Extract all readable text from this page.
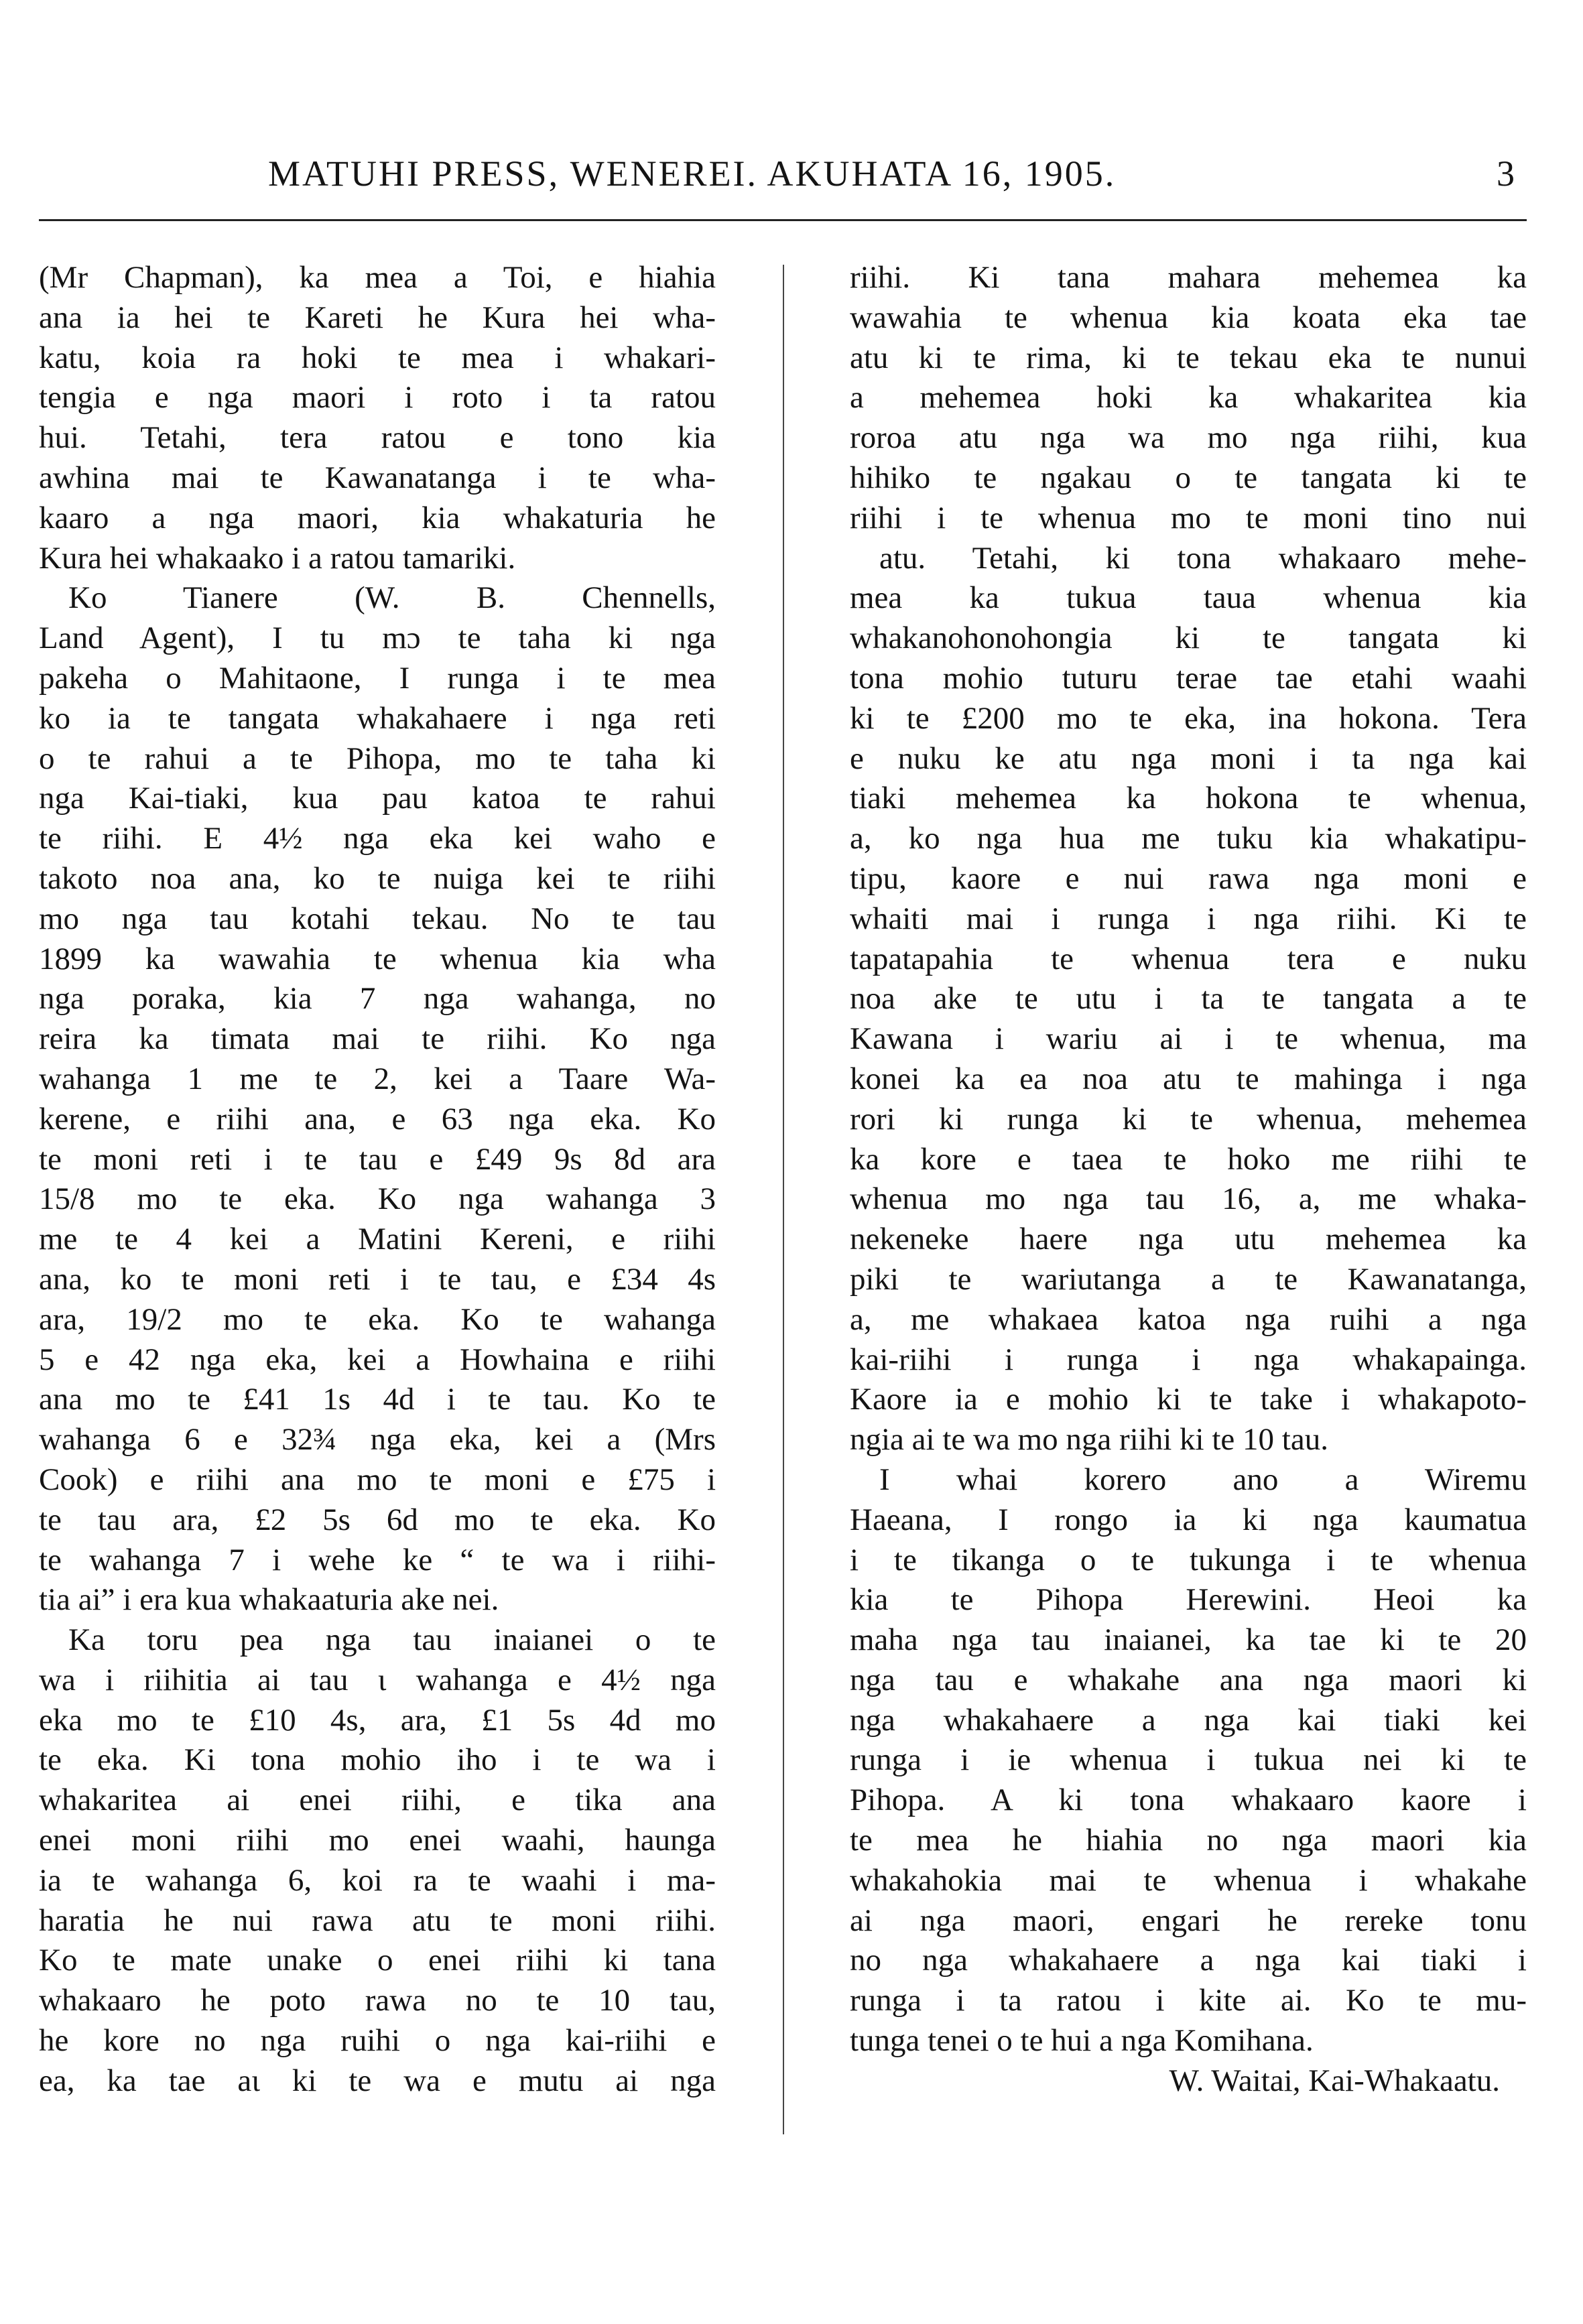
MATUHI PRESS, WENEREI. AKUHATA 16, 1905.	3
(Mr Chapman), ka mea a Toi, e hiahia
ana ia hei te Kareti he Kura hei wha-
katu, koia ra hoki te mea i whakari-
tengia e nga maori i roto i ta ratou
hui. Tetahi, tera ratou e tono kia
awhina mai te Kawanatanga i te wha-
kaaro a nga maori, kia whakaturia he
Kura hei whakaako i a ratou tamariki.
Ko Tianere (W. B. Chennells,
Land Agent), I tu mɔ te taha ki nga
pakeha o Mahitaone, I runga i te mea
ko ia te tangata whakahaere i nga reti
o te rahui a te Pihopa, mo te taha ki
nga Kai-tiaki, kua pau katoa te rahui
te riihi. E 4½ nga eka kei waho e
takoto noa ana, ko te nuiga kei te riihi
mo nga tau kotahi tekau. No te tau
1899 ka wawahia te whenua kia wha
nga poraka, kia 7 nga wahanga, no
reira ka timata mai te riihi. Ko nga
wahanga 1 me te 2, kei a Taare Wa-
kerene, e riihi ana, e 63 nga eka. Ko
te moni reti i te tau e £49 9s 8d ara
15/8 mo te eka. Ko nga wahanga 3
me te 4 kei a Matini Kereni, e riihi
ana, ko te moni reti i te tau, e £34 4s
ara, 19/2 mo te eka. Ko te wahanga
5 e 42 nga eka, kei a Howhaina e riihi
ana mo te £41 1s 4d i te tau. Ko te
wahanga 6 e 32¾ nga eka, kei a (Mrs
Cook) e riihi ana mo te moni e £75 i
te tau ara, £2 5s 6d mo te eka. Ko
te wahanga 7 i wehe ke “ te wa i riihi-
tia ai” i era kua whakaaturia ake nei.
Ka toru pea nga tau inaianei o te
wa i riihitia ai tau ι wahanga e 4½ nga
eka mo te £10 4s, ara, £1 5s 4d mo
te eka. Ki tona mohio iho i te wa i
whakaritea ai enei riihi, e tika ana
enei moni riihi mo enei waahi, haunga
ia te wahanga 6, koi ra te waahi i ma-
haratia he nui rawa atu te moni riihi.
Ko te mate unake o enei riihi ki tana
whakaaro he poto rawa no te 10 tau,
he kore no nga ruihi o nga kai-riihi e
ea, ka tae aι ki te wa e mutu ai nga
riihi. Ki tana mahara mehemea ka
wawahia te whenua kia koata eka tae
atu ki te rima, ki te tekau eka te nunui
a mehemea hoki ka whakaritea kia
roroa atu nga wa mo nga riihi, kua
hihiko te ngakau o te tangata ki te
riihi i te whenua mo te moni tino nui
atu. Tetahi, ki tona whakaaro mehe-
mea ka tukua taua whenua kia
whakanohonohongia ki te tangata ki
tona mohio tuturu terae tae etahi waahi
ki te £200 mo te eka, ina hokona. Tera
e nuku ke atu nga moni i ta nga kai
tiaki mehemea ka hokona te whenua,
a, ko nga hua me tuku kia whakatipu-
tipu, kaore e nui rawa nga moni e
whaiti mai i runga i nga riihi. Ki te
tapatapahia te whenua tera e nuku
noa ake te utu i ta te tangata a te
Kawana i wariu ai i te whenua, ma
konei ka ea noa atu te mahinga i nga
rori ki runga ki te whenua, mehemea
ka kore e taea te hoko me riihi te
whenua mo nga tau 16, a, me whaka-
nekeneke haere nga utu mehemea ka
piki te wariutanga a te Kawanatanga,
a, me whakaea katoa nga ruihi a nga
kai-riihi i runga i nga whakapainga.
Kaore ia e mohio ki te take i whakapoto-
ngia ai te wa mo nga riihi ki te 10 tau.
I whai korero ano a Wiremu
Haeana, I rongo ia ki nga kaumatua
i te tikanga o te tukunga i te whenua
kia te Pihopa Herewini. Heoi ka
maha nga tau inaianei, ka tae ki te 20
nga tau e whakahe ana nga maori ki
nga whakahaere a nga kai tiaki kei
runga i ie whenua i tukua nei ki te
Pihopa. A ki tona whakaaro kaore i
te mea he hiahia no nga maori kia
whakahokia mai te whenua i whakahe
ai nga maori, engari he rereke tonu
no nga whakahaere a nga kai tiaki i
runga i ta ratou i kite ai. Ko te mu-
tunga tenei o te hui a nga Komihana.
W. Waitai, Kai-Whakaatu.
